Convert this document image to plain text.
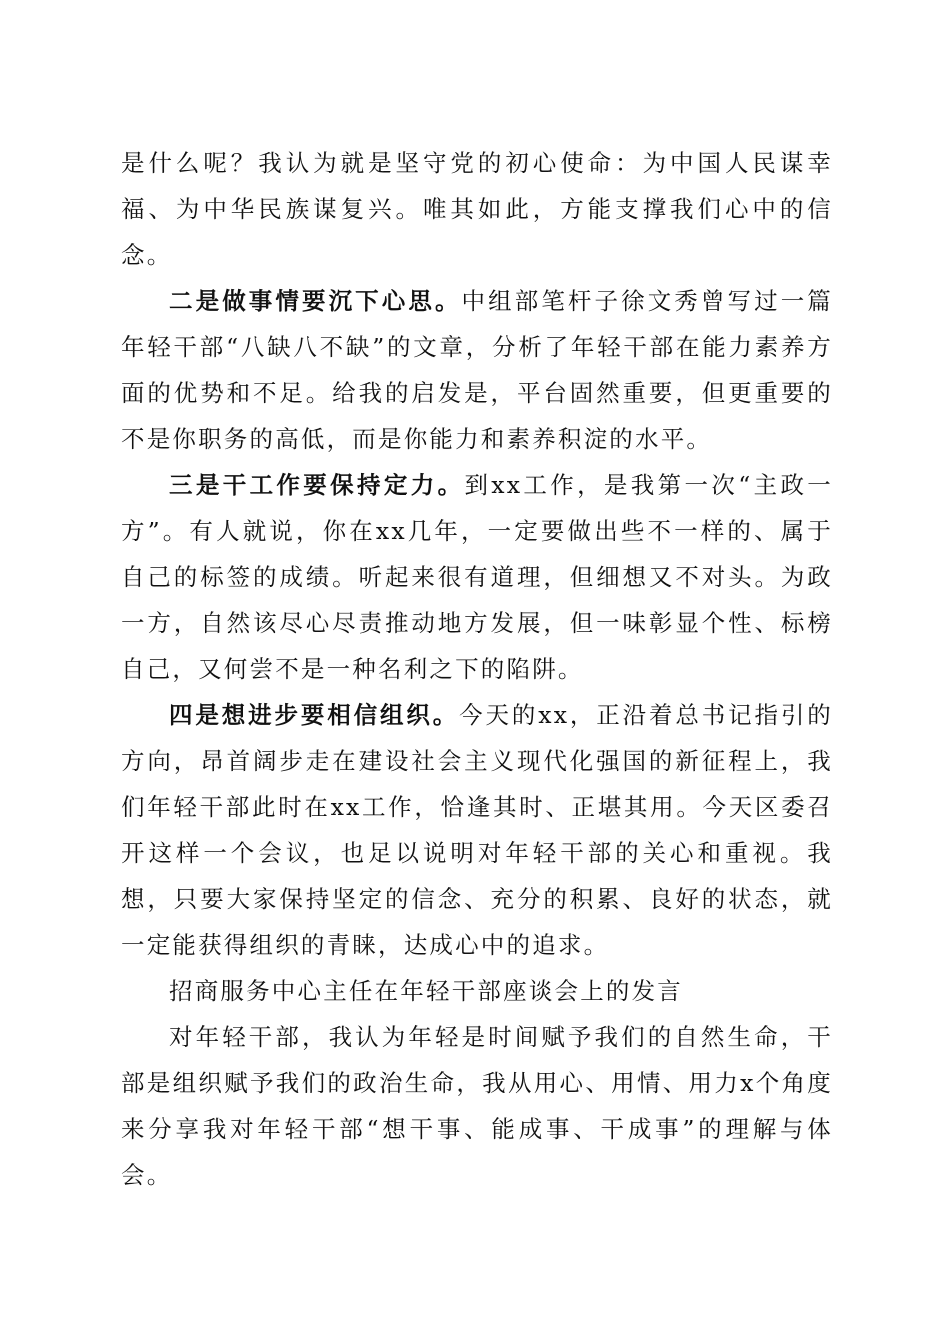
是什么呢？我认为就是坚守党的初心使命：为中国人民谋幸福、为中华民族谋复兴。唯其如此，方能支撑我们心中的信念。

二是做事情要沉下心思。中组部笔杆子徐文秀曾写过一篇年轻干部“八缺八不缺”的文章，分析了年轻干部在能力素养方面的优势和不足。给我的启发是，平台固然重要，但更重要的不是你职务的高低，而是你能力和素养积淀的水平。

三是干工作要保持定力。到xx工作，是我第一次“主政一方”。有人就说，你在xx几年，一定要做出些不一样的、属于自己的标签的成绩。听起来很有道理，但细想又不对头。为政一方，自然该尽心尽责推动地方发展，但一味彰显个性、标榜自己，又何尝不是一种名利之下的陷阱。

四是想进步要相信组织。今天的xx，正沿着总书记指引的方向，昂首阔步走在建设社会主义现代化强国的新征程上，我们年轻干部此时在xx工作，恰逢其时、正堪其用。今天区委召开这样一个会议，也足以说明对年轻干部的关心和重视。我想，只要大家保持坚定的信念、充分的积累、良好的状态，就一定能获得组织的青睐，达成心中的追求。

招商服务中心主任在年轻干部座谈会上的发言

对年轻干部，我认为年轻是时间赋予我们的自然生命，干部是组织赋予我们的政治生命，我从用心、用情、用力x个角度来分享我对年轻干部“想干事、能成事、干成事”的理解与体会。
